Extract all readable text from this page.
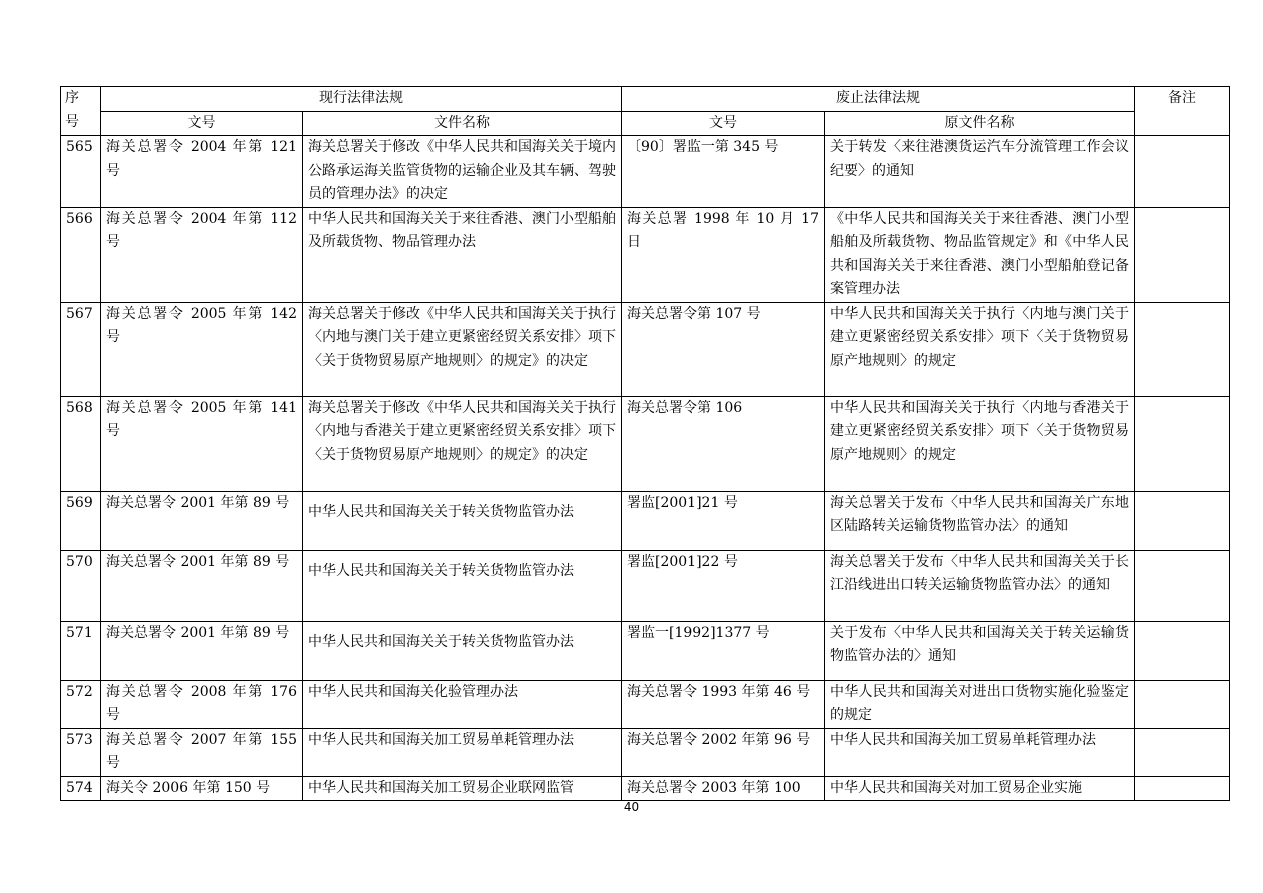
序
号	现行法律法规		废止法律法规		备注
	文号	文件名称	文号	原文件名称	
565	海关总署令 2004 年第 121 号	海关总署关于修改《中华人民共和国海关关于境内公路承运海关监管货物的运输企业及其车辆、驾驶员的管理办法》的决定	〔90〕署监一第 345 号	关于转发〈来往港澳货运汽车分流管理工作会议纪要〉的通知	
566	海关总署令 2004 年第 112 号	中华人民共和国海关关于来往香港、澳门小型船舶及所载货物、物品管理办法	海关总署 1998 年 10 月 17 日	《中华人民共和国海关关于来往香港、澳门小型船舶及所载货物、物品监管规定》和《中华人民共和国海关关于来往香港、澳门小型船舶登记备案管理办法	
567	海关总署令 2005 年第 142 号	海关总署关于修改《中华人民共和国海关关于执行〈内地与澳门关于建立更紧密经贸关系安排〉项下〈关于货物贸易原产地规则〉的规定》的决定	海关总署令第 107 号	中华人民共和国海关关于执行〈内地与澳门关于建立更紧密经贸关系安排〉项下〈关于货物贸易原产地规则〉的规定	
568	海关总署令 2005 年第 141 号	海关总署关于修改《中华人民共和国海关关于执行〈内地与香港关于建立更紧密经贸关系安排〉项下〈关于货物贸易原产地规则〉的规定》的决定	海关总署令第 106	中华人民共和国海关关于执行〈内地与香港关于建立更紧密经贸关系安排〉项下〈关于货物贸易原产地规则〉的规定	
569	海关总署令 2001 年第 89 号	中华人民共和国海关关于转关货物监管办法	署监[2001]21 号	海关总署关于发布〈中华人民共和国海关广东地区陆路转关运输货物监管办法〉的通知	
570	海关总署令 2001 年第 89 号	中华人民共和国海关关于转关货物监管办法	署监[2001]22 号	海关总署关于发布〈中华人民共和国海关关于长江沿线进出口转关运输货物监管办法〉的通知	
571	海关总署令 2001 年第 89 号	中华人民共和国海关关于转关货物监管办法	署监一[1992]1377 号	关于发布〈中华人民共和国海关关于转关运输货物监管办法的〉通知	
572	海关总署令 2008 年第 176 号	中华人民共和国海关化验管理办法	海关总署令 1993 年第 46 号	中华人民共和国海关对进出口货物实施化验鉴定的规定	
573	海关总署令 2007 年第 155 号	中华人民共和国海关加工贸易单耗管理办法	海关总署令 2002 年第 96 号	中华人民共和国海关加工贸易单耗管理办法	
574	海关令 2006 年第 150 号	中华人民共和国海关加工贸易企业联网监管	海关总署令 2003 年第 100	中华人民共和国海关对加工贸易企业实施	
40
